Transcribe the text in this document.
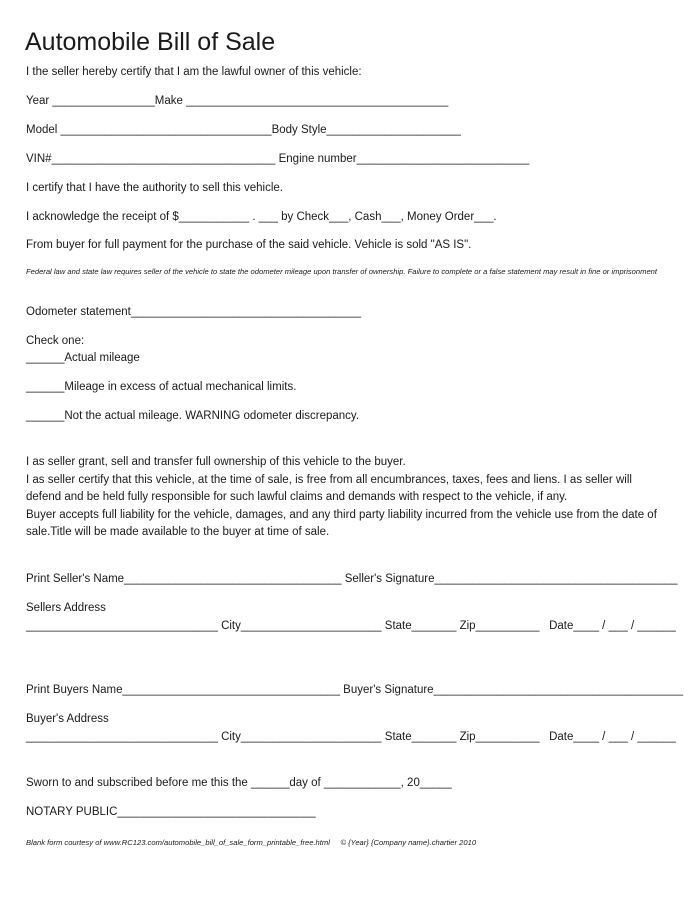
Automobile Bill of Sale
I the seller hereby certify that I am the lawful owner of this vehicle:
Year ________________Make _________________________________________
Model _________________________________Body Style_____________________
VIN#___________________________________ Engine number___________________________
I certify that I have the authority to sell this vehicle.
I acknowledge the receipt of $___________ . ___ by Check___, Cash___, Money Order___.
From buyer for full payment for the purchase of the said vehicle. Vehicle is sold "AS IS".
Federal law and state law requires seller of the vehicle to state the odometer mileage upon transfer of ownership. Failure to complete or a false statement may result in fine or imprisonment
Odometer statement____________________________________
Check one:
______Actual mileage
______Mileage in excess of actual mechanical limits.
______Not the actual mileage. WARNING odometer discrepancy.
I as seller grant, sell and transfer full ownership of this vehicle to the buyer.
I as seller certify that this vehicle, at the time of sale, is free from all encumbrances, taxes, fees and liens. I as seller will defend and be held fully responsible for such lawful claims and demands with respect to the vehicle, if any.
Buyer accepts full liability for the vehicle, damages, and any third party liability incurred from the vehicle use from the date of sale.Title will be made available to the buyer at time of sale.
Print Seller's Name__________________________________ Seller's Signature______________________________________
Sellers Address
______________________________ City______________________ State_______ Zip__________   Date____ / ___ / ______
Print Buyers Name__________________________________ Buyer's Signature_______________________________________
Buyer's Address
______________________________ City______________________ State_______ Zip__________   Date____ / ___ / ______
Sworn to and subscribed before me this the ______day of ____________, 20_____
NOTARY PUBLIC_______________________________
Blank form courtesy of www.RC123.com/automobile_bill_of_sale_form_printable_free.html     © {Year} {Company name}.chartier 2010
